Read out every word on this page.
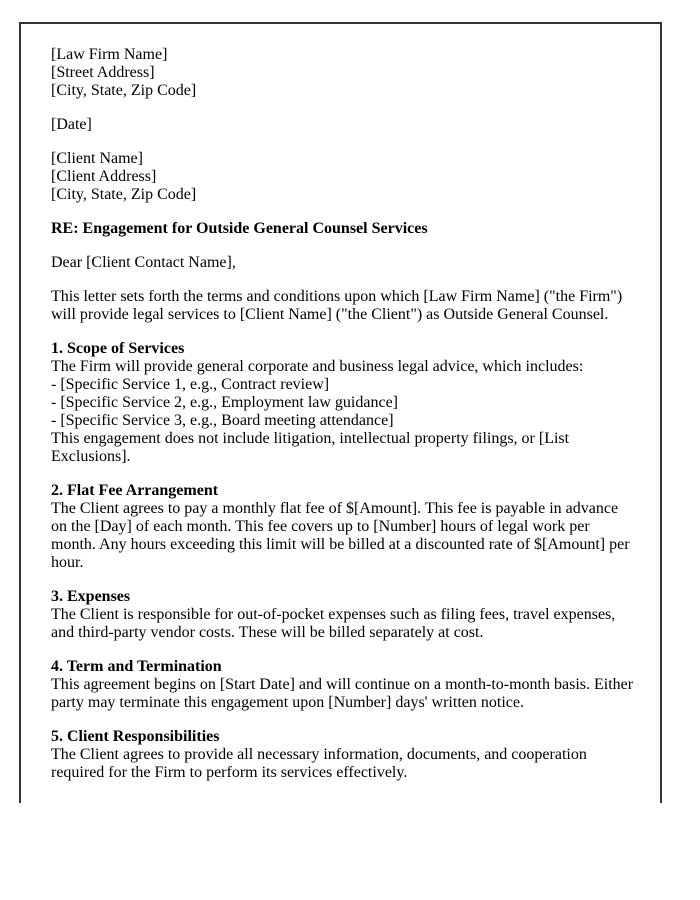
[Law Firm Name]
[Street Address]
[City, State, Zip Code]
[Date]
[Client Name]
[Client Address]
[City, State, Zip Code]
RE: Engagement for Outside General Counsel Services
Dear [Client Contact Name],
This letter sets forth the terms and conditions upon which [Law Firm Name] ("the Firm") will provide legal services to [Client Name] ("the Client") as Outside General Counsel.
1. Scope of Services
The Firm will provide general corporate and business legal advice, which includes:
- [Specific Service 1, e.g., Contract review]
- [Specific Service 2, e.g., Employment law guidance]
- [Specific Service 3, e.g., Board meeting attendance]
This engagement does not include litigation, intellectual property filings, or [List Exclusions].
2. Flat Fee Arrangement
The Client agrees to pay a monthly flat fee of $[Amount]. This fee is payable in advance on the [Day] of each month. This fee covers up to [Number] hours of legal work per month. Any hours exceeding this limit will be billed at a discounted rate of $[Amount] per hour.
3. Expenses
The Client is responsible for out-of-pocket expenses such as filing fees, travel expenses, and third-party vendor costs. These will be billed separately at cost.
4. Term and Termination
This agreement begins on [Start Date] and will continue on a month-to-month basis. Either party may terminate this engagement upon [Number] days' written notice.
5. Client Responsibilities
The Client agrees to provide all necessary information, documents, and cooperation required for the Firm to perform its services effectively.
